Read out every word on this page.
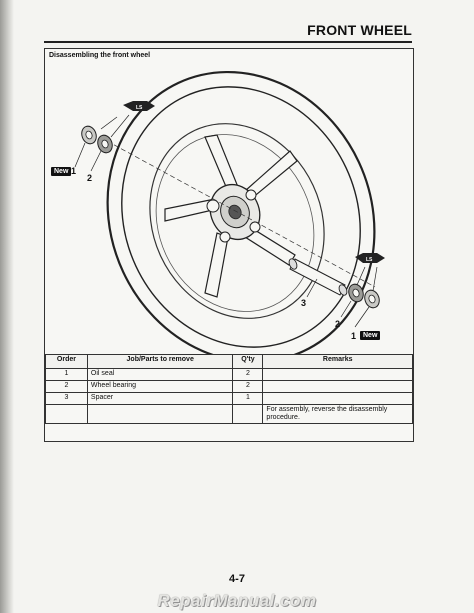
FRONT WHEEL
Disassembling the front wheel
LS
LS
New 1
2
3
2
1 New
Order	Job/Parts to remove	Q'ty	Remarks
1	Oil seal	2	
2	Wheel bearing	2	
3	Spacer	1	
			For assembly, reverse the disassembly procedure.
4-7
RepairManual.com
